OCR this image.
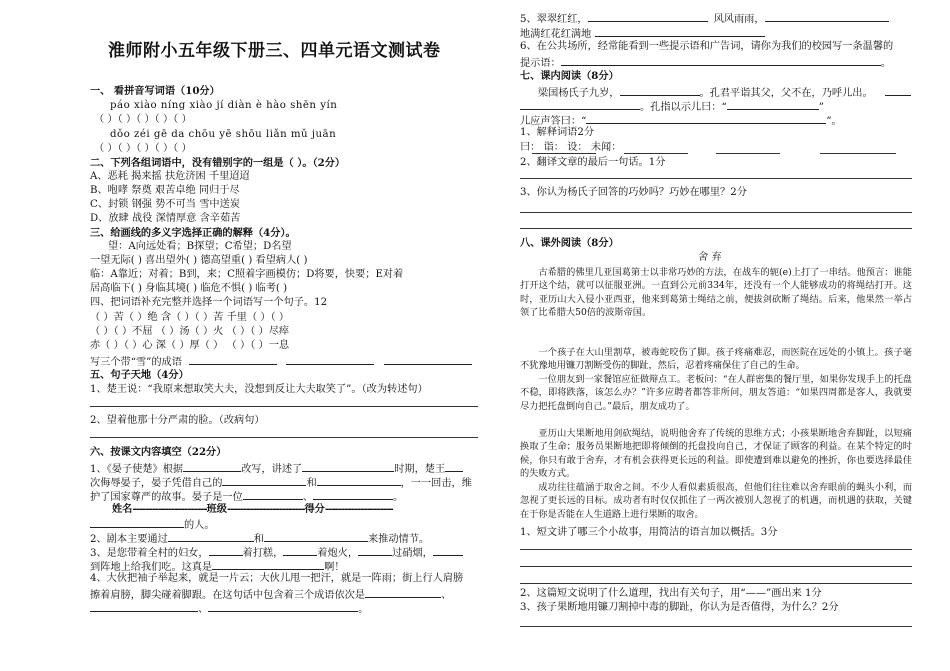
淮师附小五年级下册三、四单元语文测试卷
一、 看拼音写词语（10分）
páo xiào níng xiào jí diàn è hào shēn yín
（ ）（ ）（ ）（ ）（ ）
dǒo zéi gē da chōu yē shōu liǎn mǔ juān
（ ）（ ）（ ）（ ）（ ）
二、下列各组词语中，没有错别字的一组是（ ）。（2分）
A、恶耗 揭来摇 扶危济困 千里迢迢
B、咆哮 祭奠 艰苦卓绝 同归于尽
C、封锁 钢强 势不可当 雪中送炭
D、放肆 战役 深情厚意 含辛茹苦
三、给画线的多义字选择正确的解释（4分）。
望：A向远处看；B探望；C希望；D名望
一望无际( ) 喜出望外( ) 德高望重( ) 看望病人( )
临：A靠近；对着；B到，来；C照着字画模仿；D将要，快要；E对着
居高临下( ) 身临其境( ) 临危不惧( ) 临考( )
四、把词语补充完整并选择一个词语写一个句子。12
（ ）苦（ ）绝 含（ ）（ ）苦 千里（ ）（ ）
（ ）（ ）不屈 （ ）汤（ ）火 （ ）（ ）尽瘁
赤（ ）（ ）心 深（ ）厚（ ） （ ）（ ）一息
写三个带“雪”的成语
五、句子天地（4分）
1、楚王说：“我原来想取笑大夫，没想到反让大夫取笑了”。（改为转述句）
2、望着他那十分严肃的脸。（改病句）
六、按课文内容填空（22分）
1、《晏子使楚》根据	改写，讲述了	时期，楚王
次侮辱晏子，晏子凭借自己的	和	，一一回击，维
护了国家尊严的故事。晏子是一位	、	。
姓名-----------------------班级------------------------得分---------------------
的人。
2、剧本主要通过	和	来推动情节。
3、是您带着全村的妇女，	着打糕，	着炮火，	过硝烟，
到阵地上给我们吃。这真是	啊！
4、大伙把袖子举起来，就是一片云；大伙儿甩一把汗，就是一阵雨；街上行人肩膀
擦着肩膀，脚尖碰着脚跟。在这句话中包含着三个成语依次是	、
、	。
5、翠翠红红，	风风雨雨，
地满红花红满地
6、在公共场所，经常能看到一些提示语和广告词，请你为我们的校园写一条温馨的
提示语：	。
七、课内阅读（8分）
梁国杨氏子九岁，	。孔君平诣其父，父不在，乃呼儿出。
。孔指以示儿曰：“	”
儿应声答曰：“	”。
1、解释词语2分
曰： 诣： 设： 未闻：
2、翻译文章的最后一句话。1分
3、你认为杨氏子回答的巧妙吗？巧妙在哪里？2分
八、课外阅读（8分）
舍 弃
古希腊的佛里几亚国葛第士以非常巧妙的方法，在战车的轭(e)上打了一串结。他预言：谁能打开这个结，就可以征服亚洲。一直到公元前334年，还没有一个人能够成功的将绳结打开。这时，亚历山大入侵小亚西亚，他来到葛第士绳结之前，便拔剑砍断了绳结。后来，他果然一举占领了比希腊大50倍的波斯帝国。
一个孩子在大山里割草，被毒蛇咬伤了脚。孩子疼痛难忍，而医院在远处的小镇上。孩子毫不犹豫地用镰刀割断受伤的脚趾，然后，忍着疼痛保住了自己的生命。
一位朋友到一家餐馆应征做辩点工。老板问：“在人群密集的餐厅里，如果你发现手上的托盘不稳，即将跌落，该怎么办？”许多应聘者都答非所问，朋友答道：“如果四周都是客人，我就要尽力把托盘倒向自己。”最后，朋友成功了。
亚历山大果断地用剑砍绳结，说明他舍弃了传统的思维方式；小孩果断地舍弃脚趾，以短痛换取了生命；服务员果断地把即将倾倒的托盘投向自己，才保证了顾客的利益。在某个特定的时候，你只有敢于舍弃，才有机会获得更长远的利益。即使遭到难以避免的挫折，你也要选择最佳的失败方式。
成功往往蕴涵于取舍之间。不少人看似素质很高，但他们往往难以舍弃眼前的蝇头小利，而忽视了更长远的目标。成功者有时仅仅抓住了一两次被别人忽视了的机遇，而机遇的获取，关键在于你是否能在人生道路上进行果断的取舍。
1、短文讲了哪三个小故事，用简洁的语言加以概括。3分
2、这篇短文说明了什么道理，找出有关句子，用“——”画出来 1分
3、孩子果断地用镰刀割掉中毒的脚趾，你认为是否值得，为什么？2分
